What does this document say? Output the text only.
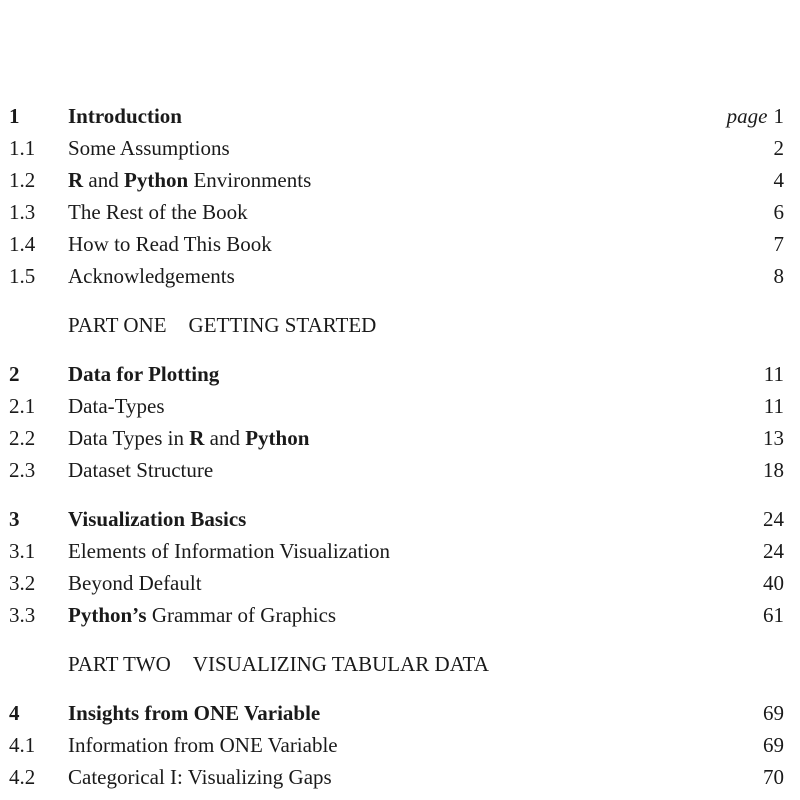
1 Introduction	page 1
1.1 Some Assumptions	2
1.2 R and Python Environments	4
1.3 The Rest of the Book	6
1.4 How to Read This Book	7
1.5 Acknowledgements	8
PART ONE GETTING STARTED
2 Data for Plotting	11
2.1 Data-Types	11
2.2 Data Types in R and Python	13
2.3 Dataset Structure	18
3 Visualization Basics	24
3.1 Elements of Information Visualization	24
3.2 Beyond Default	40
3.3 Python’s Grammar of Graphics	61
PART TWO VISUALIZING TABULAR DATA
4 Insights from ONE Variable	69
4.1 Information from ONE Variable	69
4.2 Categorical I: Visualizing Gaps	70
